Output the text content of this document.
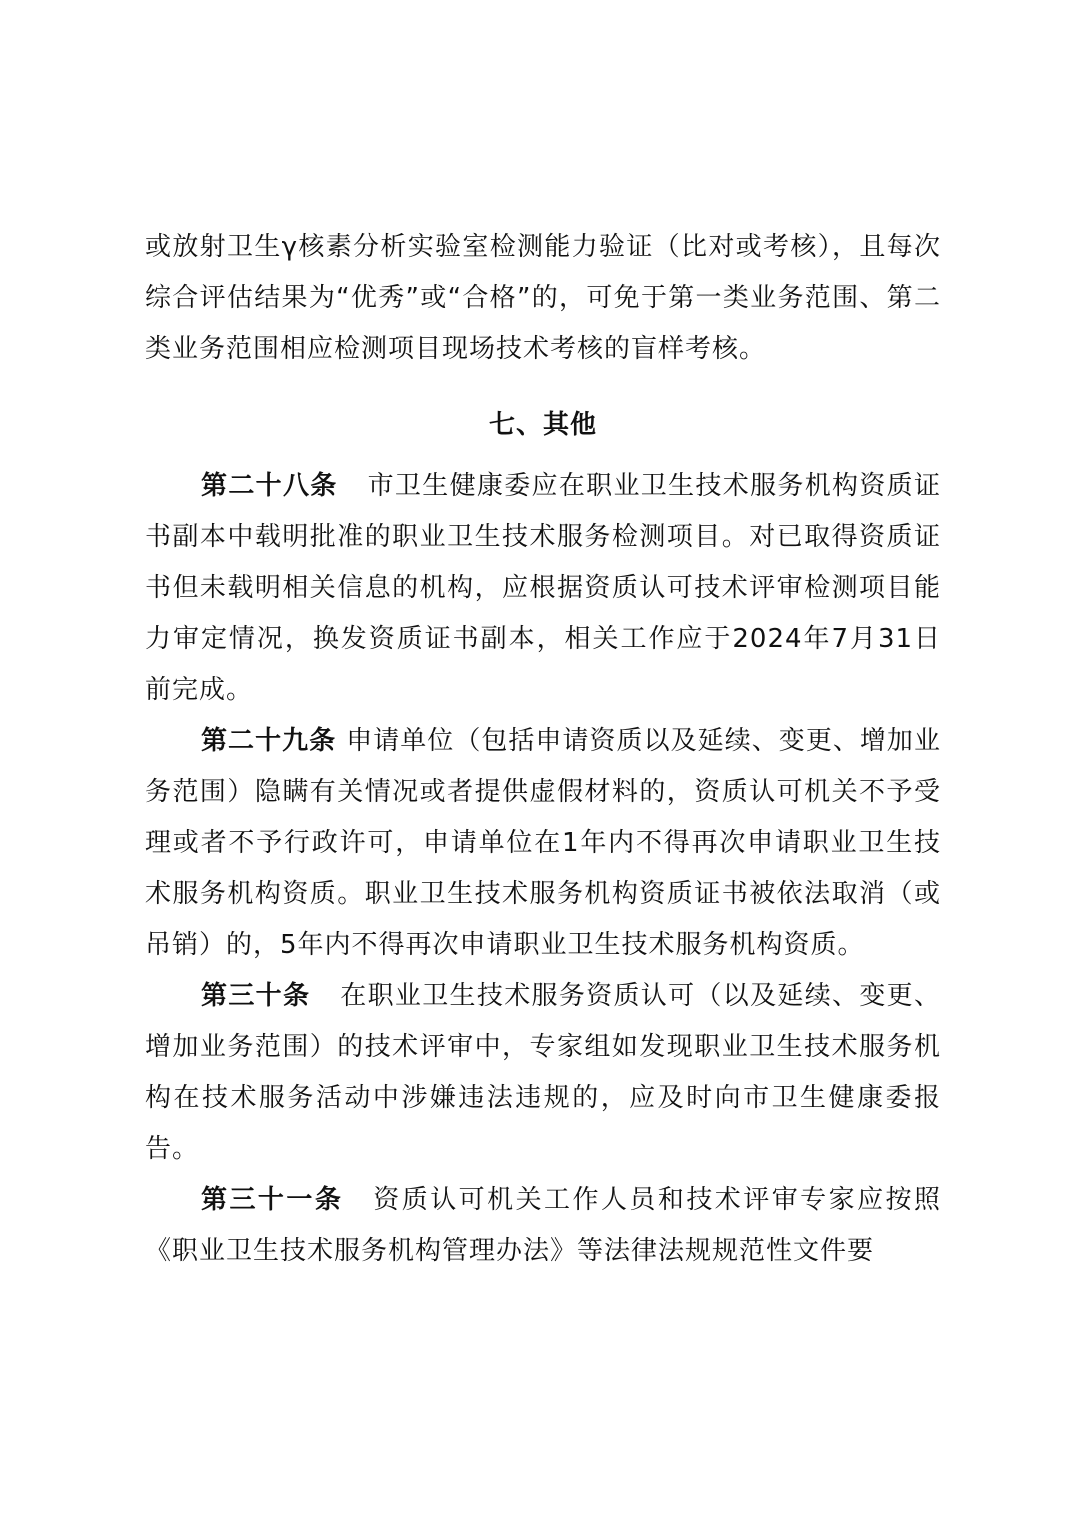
或放射卫生γ核素分析实验室检测能力验证（比对或考核），且每次综合评估结果为“优秀”或“合格”的，可免于第一类业务范围、第二类业务范围相应检测项目现场技术考核的盲样考核。

七、其他

第二十八条 市卫生健康委应在职业卫生技术服务机构资质证书副本中载明批准的职业卫生技术服务检测项目。对已取得资质证书但未载明相关信息的机构，应根据资质认可技术评审检测项目能力审定情况，换发资质证书副本，相关工作应于2024年7月31日前完成。

第二十九条 申请单位（包括申请资质以及延续、变更、增加业务范围）隐瞒有关情况或者提供虚假材料的，资质认可机关不予受理或者不予行政许可，申请单位在1年内不得再次申请职业卫生技术服务机构资质。职业卫生技术服务机构资质证书被依法取消（或吊销）的，5年内不得再次申请职业卫生技术服务机构资质。

第三十条 在职业卫生技术服务资质认可（以及延续、变更、增加业务范围）的技术评审中，专家组如发现职业卫生技术服务机构在技术服务活动中涉嫌违法违规的，应及时向市卫生健康委报告。

第三十一条 资质认可机关工作人员和技术评审专家应按照《职业卫生技术服务机构管理办法》等法律法规规范性文件要
